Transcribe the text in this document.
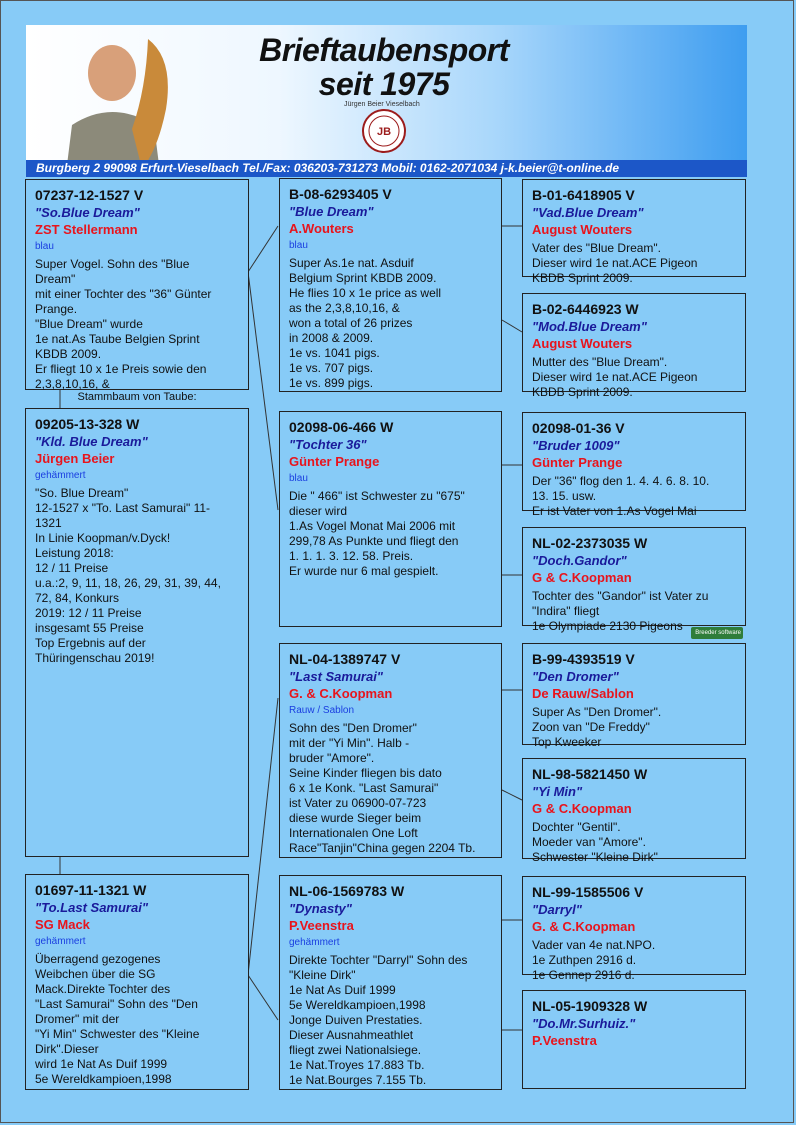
Brieftaubensport
seit 1975
Jürgen Beier Vieselbach
JB
Burgberg 2 99098 Erfurt-Vieselbach Tel./Fax: 036203-731273 Mobil: 0162-2071034 j-k.beier@t-online.de
07237-12-1527 V
"So.Blue Dream"
ZST Stellermann
blau
Super Vogel. Sohn des "Blue
Dream"
mit einer Tochter des "36" Günter
Prange.
"Blue Dream" wurde
1e nat.As Taube Belgien Sprint
KBDB 2009.
Er fliegt 10 x 1e Preis sowie den
2,3,8,10,16, &
Stammbaum von Taube:
09205-13-328 W
"Kld. Blue Dream"
Jürgen Beier
gehämmert
"So. Blue Dream"
12-1527 x "To. Last Samurai" 11-
1321
In Linie Koopman/v.Dyck!
Leistung 2018:
12 / 11 Preise
u.a.:2, 9, 11, 18, 26, 29, 31, 39, 44,
72, 84, Konkurs
2019: 12 / 11 Preise
insgesamt 55 Preise
Top Ergebnis auf der
Thüringenschau 2019!
01697-11-1321 W
"To.Last Samurai"
SG Mack
gehämmert
Überragend gezogenes
Weibchen über die SG
Mack.Direkte Tochter des
"Last Samurai" Sohn des "Den
Dromer" mit der
"Yi Min" Schwester des "Kleine
Dirk".Dieser
wird 1e Nat As Duif 1999
5e Wereldkampioen,1998
B-08-6293405 V
"Blue Dream"
A.Wouters
blau
Super As.1e nat. Asduif
Belgium Sprint KBDB 2009.
He flies 10 x 1e price as well
as the 2,3,8,10,16, &
won a total of 26 prizes
in 2008 & 2009.
1e vs. 1041 pigs.
1e vs. 707 pigs.
1e vs. 899 pigs.
02098-06-466 W
"Tochter 36"
Günter Prange
blau
Die " 466" ist Schwester zu "675"
dieser wird
1.As Vogel Monat Mai 2006 mit
299,78 As Punkte und fliegt den
1. 1. 1. 3. 12. 58. Preis.
Er wurde nur 6 mal gespielt.
NL-04-1389747 V
"Last Samurai"
G. & C.Koopman
Rauw / Sablon
Sohn des "Den Dromer"
mit der "Yi Min". Halb -
bruder "Amore".
Seine Kinder fliegen bis dato
6 x 1e Konk. "Last Samurai"
ist Vater zu 06900-07-723
diese wurde Sieger beim
Internationalen One Loft
Race"Tanjin"China gegen 2204 Tb.
NL-06-1569783 W
"Dynasty"
P.Veenstra
gehämmert
Direkte Tochter "Darryl" Sohn des
"Kleine Dirk"
1e Nat As Duif 1999
5e Wereldkampioen,1998
Jonge Duiven Prestaties.
Dieser Ausnahmeathlet
fliegt zwei Nationalsiege.
1e Nat.Troyes 17.883 Tb.
1e Nat.Bourges 7.155 Tb.
B-01-6418905 V
"Vad.Blue Dream"
August Wouters
Vater des "Blue Dream".
Dieser wird 1e nat.ACE Pigeon
KBDB Sprint 2009.
B-02-6446923 W
"Mod.Blue Dream"
August Wouters
Mutter des "Blue Dream".
Dieser wird 1e nat.ACE Pigeon
KBDB Sprint 2009.
02098-01-36 V
"Bruder 1009"
Günter Prange
Der "36" flog den 1. 4. 4. 6. 8. 10.
13. 15. usw.
Er ist Vater von 1.As Vogel Mai
NL-02-2373035 W
"Doch.Gandor"
G & C.Koopman
Tochter des "Gandor" ist Vater zu
"Indira" fliegt
1e Olympiade 2130 Pigeons	Breeder software
B-99-4393519 V
"Den Dromer"
De Rauw/Sablon
Super As "Den Dromer".
Zoon van "De Freddy"
Top Kweeker
NL-98-5821450 W
"Yi Min"
G & C.Koopman
Dochter "Gentil".
Moeder van "Amore".
Schwester "Kleine Dirk"
NL-99-1585506 V
"Darryl"
G. & C.Koopman
Vader van 4e nat.NPO.
1e Zuthpen 2916 d.
1e Gennep 2916 d.
NL-05-1909328 W
"Do.Mr.Surhuiz."
P.Veenstra
